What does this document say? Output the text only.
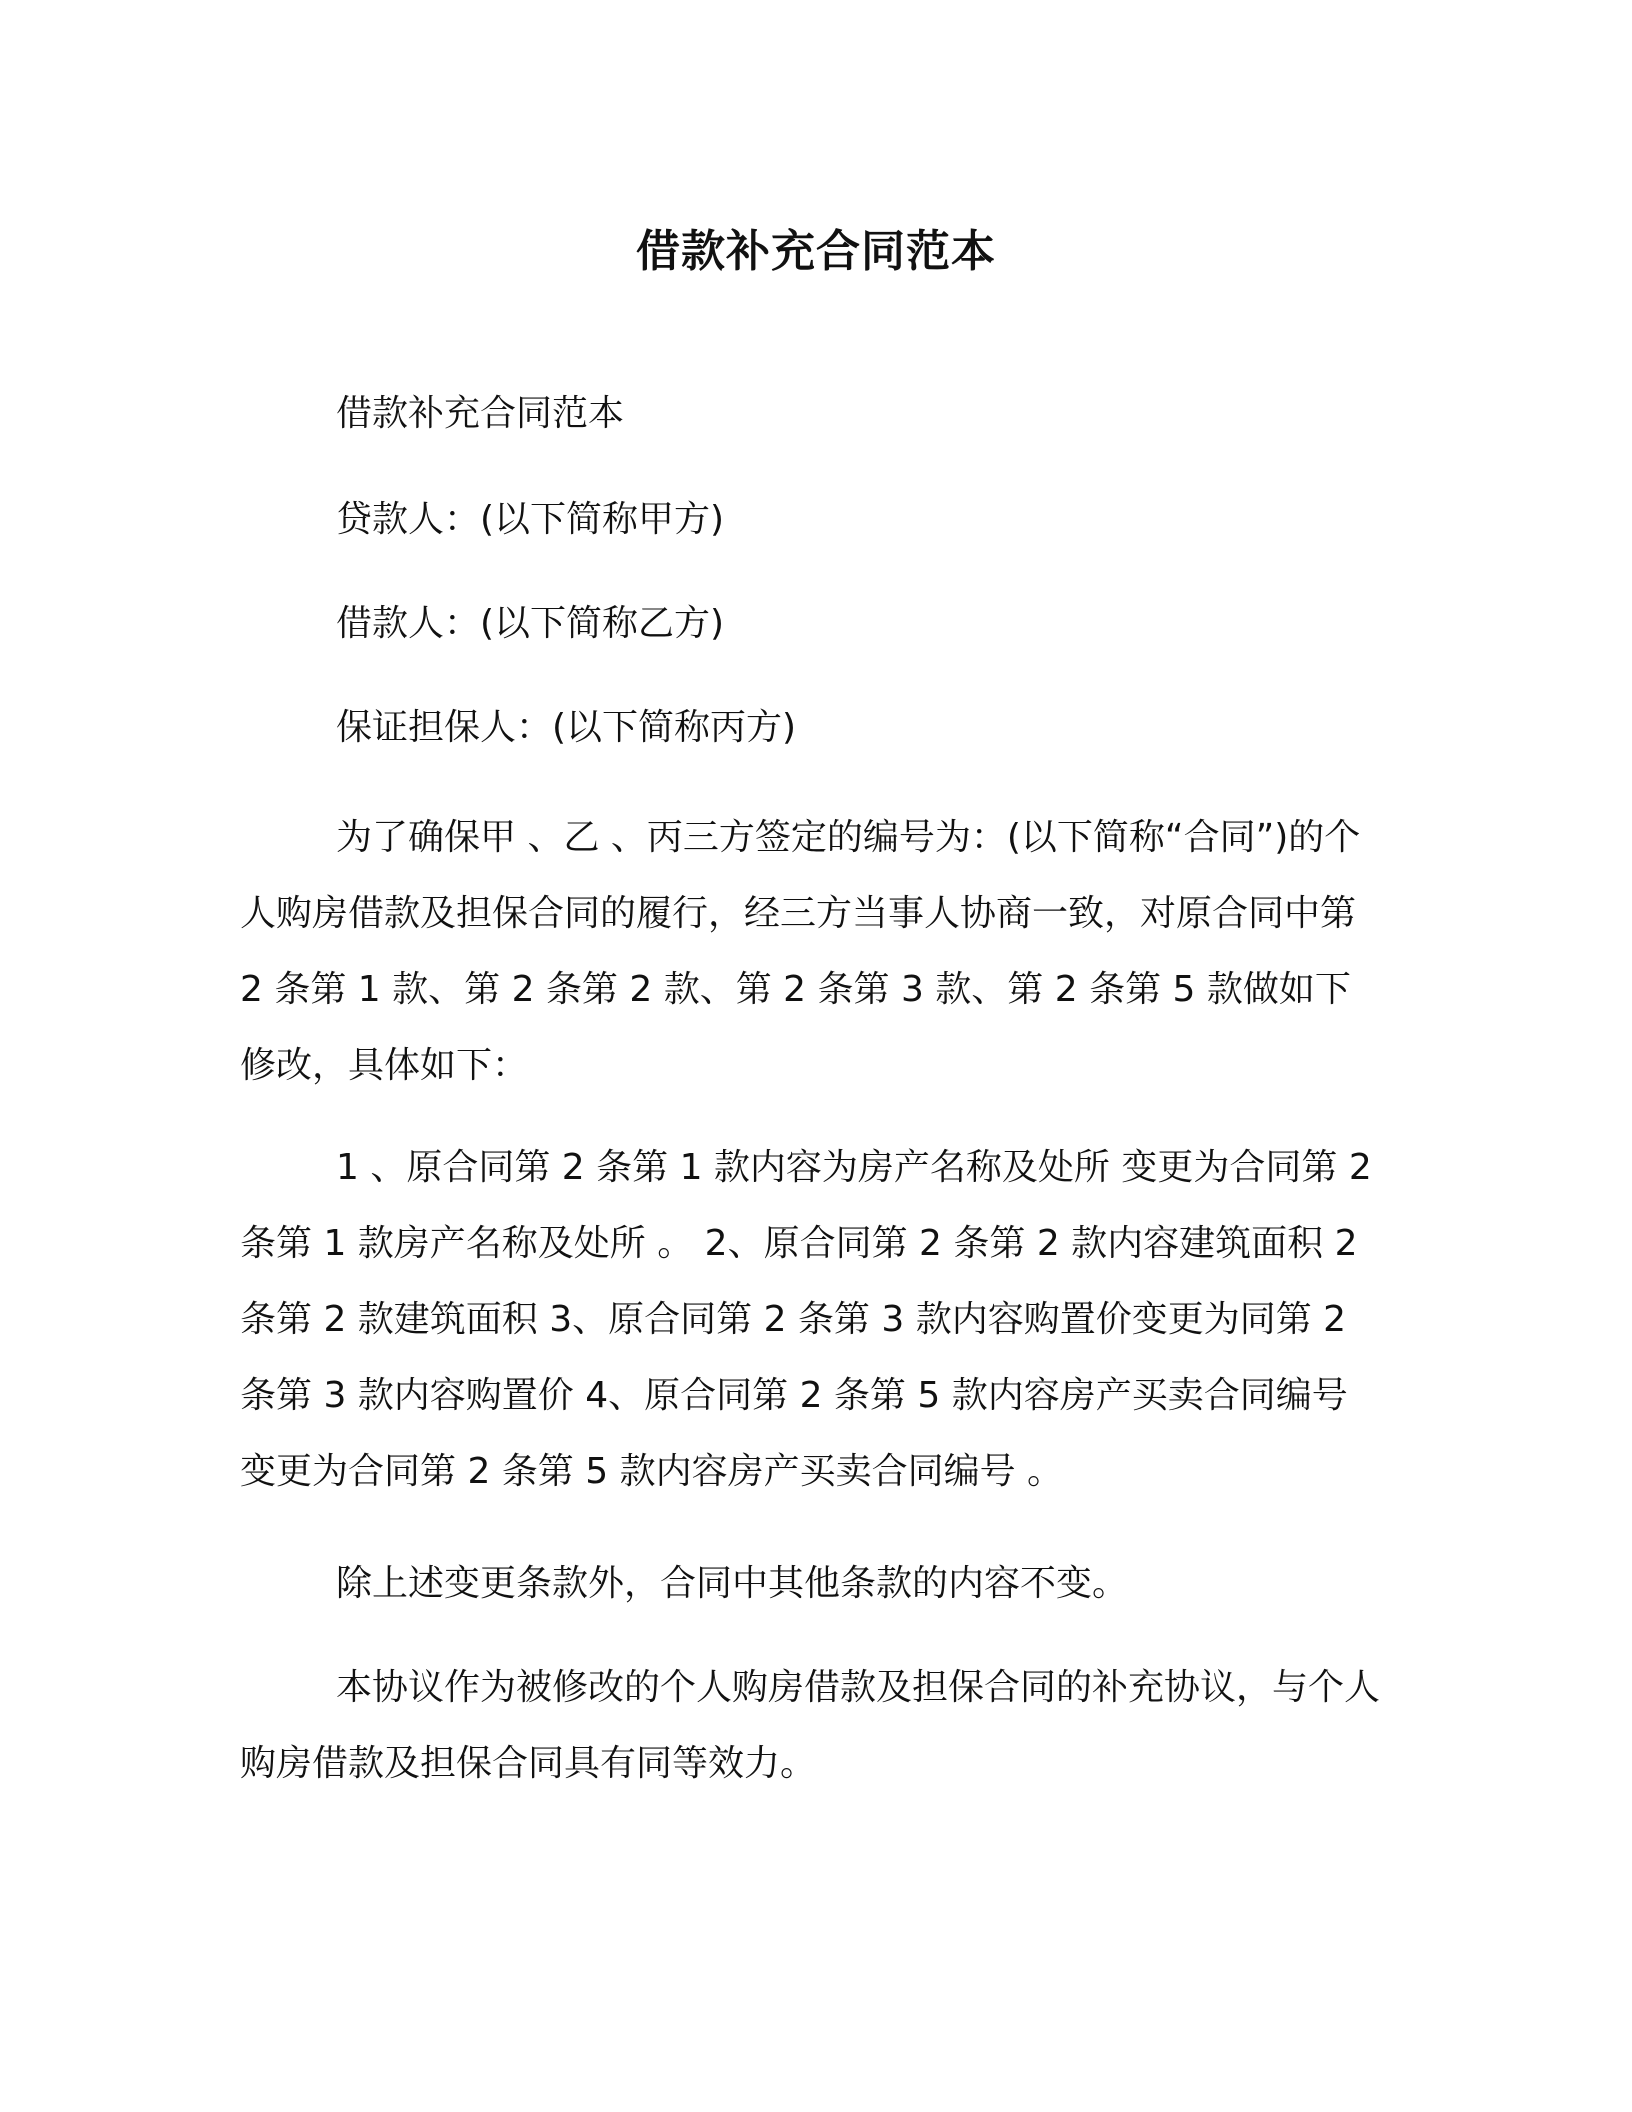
借款补充合同范本

借款补充合同范本

贷款人：(以下简称甲方)

借款人：(以下简称乙方)

保证担保人：(以下简称丙方)

为了确保甲 、乙 、丙三方签定的编号为：(以下简称“合同”)的个人购房借款及担保合同的履行，经三方当事人协商一致，对原合同中第 2 条第 1 款、第 2 条第 2 款、第 2 条第 3 款、第 2 条第 5 款做如下修改，具体如下：

1 、原合同第 2 条第 1 款内容为房产名称及处所 变更为合同第 2 条第 1 款房产名称及处所 。 2、原合同第 2 条第 2 款内容建筑面积 2 条第 2 款建筑面积 3、原合同第 2 条第 3 款内容购置价变更为同第 2 条第 3 款内容购置价 4、原合同第 2 条第 5 款内容房产买卖合同编号变更为合同第 2 条第 5 款内容房产买卖合同编号 。

除上述变更条款外，合同中其他条款的内容不变。

本协议作为被修改的个人购房借款及担保合同的补充协议，与个人购房借款及担保合同具有同等效力。
